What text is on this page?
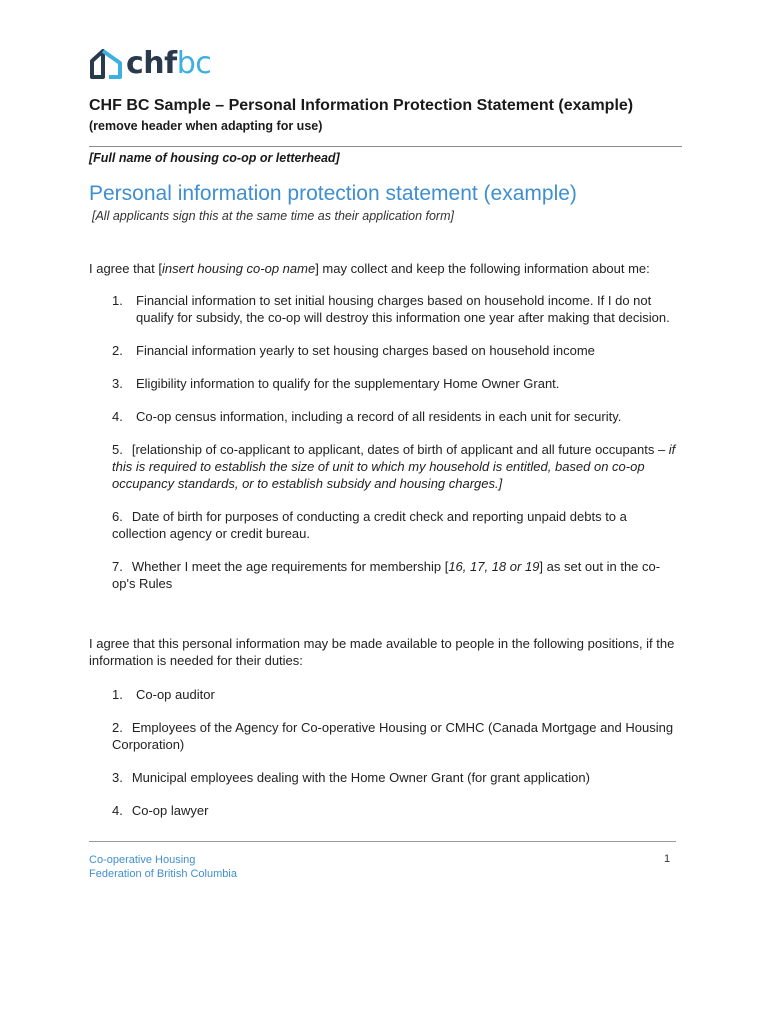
chfbc
CHF BC Sample – Personal Information Protection Statement (example)
(remove header when adapting for use)
[Full name of housing co-op or letterhead]
Personal information protection statement (example)
[All applicants sign this at the same time as their application form]
I agree that [insert housing co-op name] may collect and keep the following information about me:
1.	Financial information to set initial housing charges based on household income. If I do not qualify for subsidy, the co-op will destroy this information one year after making that decision.
2.	Financial information yearly to set housing charges based on household income
3.	Eligibility information to qualify for the supplementary Home Owner Grant.
4.	Co-op census information, including a record of all residents in each unit for security.
5. [relationship of co-applicant to applicant, dates of birth of applicant and all future occupants – if this is required to establish the size of unit to which my household is entitled, based on co-op occupancy standards, or to establish subsidy and housing charges.]
6. Date of birth for purposes of conducting a credit check and reporting unpaid debts to a collection agency or credit bureau.
7. Whether I meet the age requirements for membership [16, 17, 18 or 19] as set out in the co-op's Rules
I agree that this personal information may be made available to people in the following positions, if the information is needed for their duties:
1.	Co-op auditor
2. Employees of the Agency for Co-operative Housing or CMHC (Canada Mortgage and Housing Corporation)
3. Municipal employees dealing with the Home Owner Grant (for grant application)
4. Co-op lawyer
Co-operative Housing
Federation of British Columbia
1
